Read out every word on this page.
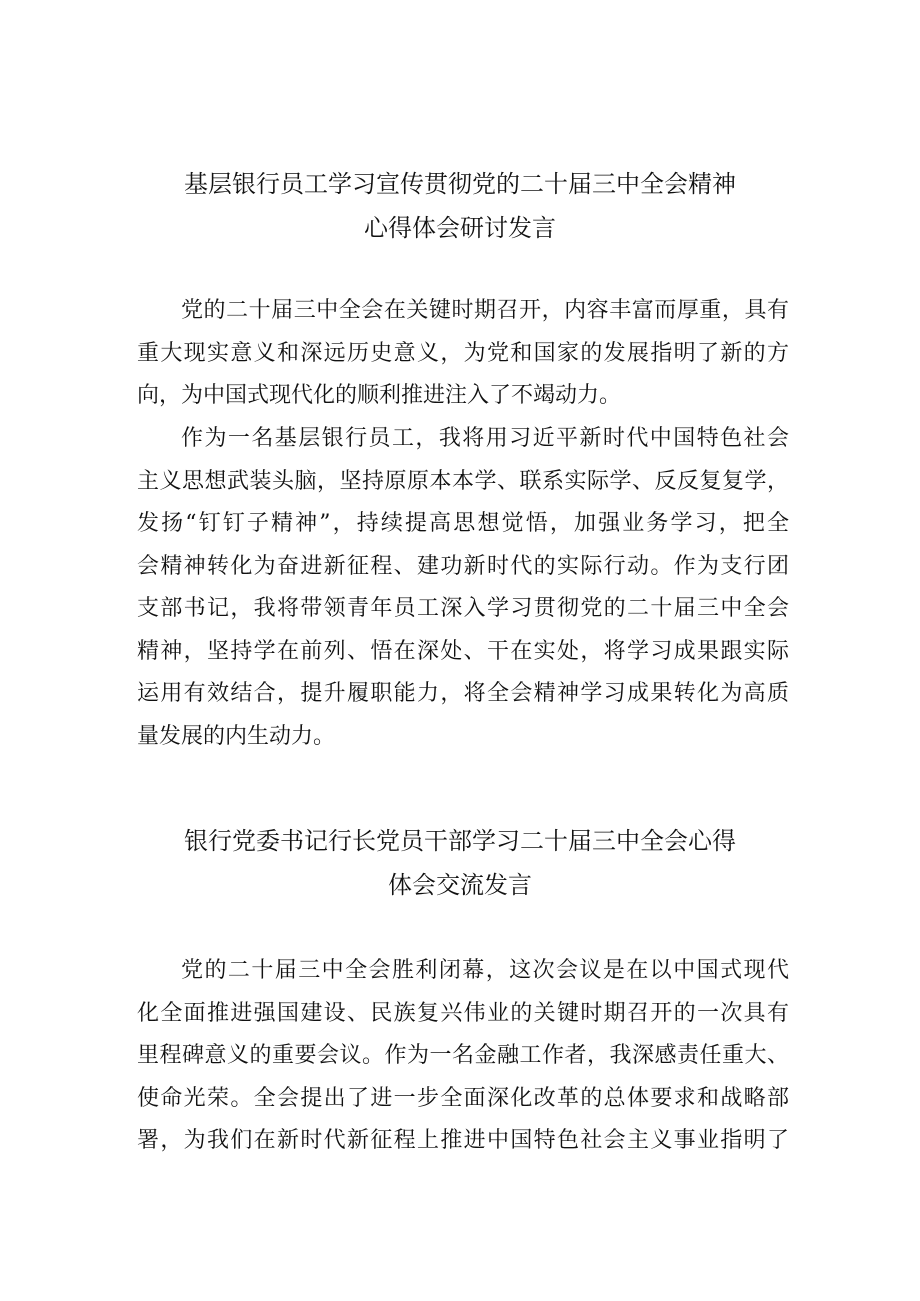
基层银行员工学习宣传贯彻党的二十届三中全会精神
心得体会研讨发言
党的二十届三中全会在关键时期召开，内容丰富而厚重，具有
重大现实意义和深远历史意义，为党和国家的发展指明了新的方
向，为中国式现代化的顺利推进注入了不竭动力。
作为一名基层银行员工，我将用习近平新时代中国特色社会
主义思想武装头脑，坚持原原本本学、联系实际学、反反复复学，
发扬“钉钉子精神”，持续提高思想觉悟，加强业务学习，把全
会精神转化为奋进新征程、建功新时代的实际行动。作为支行团
支部书记，我将带领青年员工深入学习贯彻党的二十届三中全会
精神，坚持学在前列、悟在深处、干在实处，将学习成果跟实际
运用有效结合，提升履职能力，将全会精神学习成果转化为高质
量发展的内生动力。
银行党委书记行长党员干部学习二十届三中全会心得
体会交流发言
党的二十届三中全会胜利闭幕，这次会议是在以中国式现代
化全面推进强国建设、民族复兴伟业的关键时期召开的一次具有
里程碑意义的重要会议。作为一名金融工作者，我深感责任重大、
使命光荣。全会提出了进一步全面深化改革的总体要求和战略部
署，为我们在新时代新征程上推进中国特色社会主义事业指明了
